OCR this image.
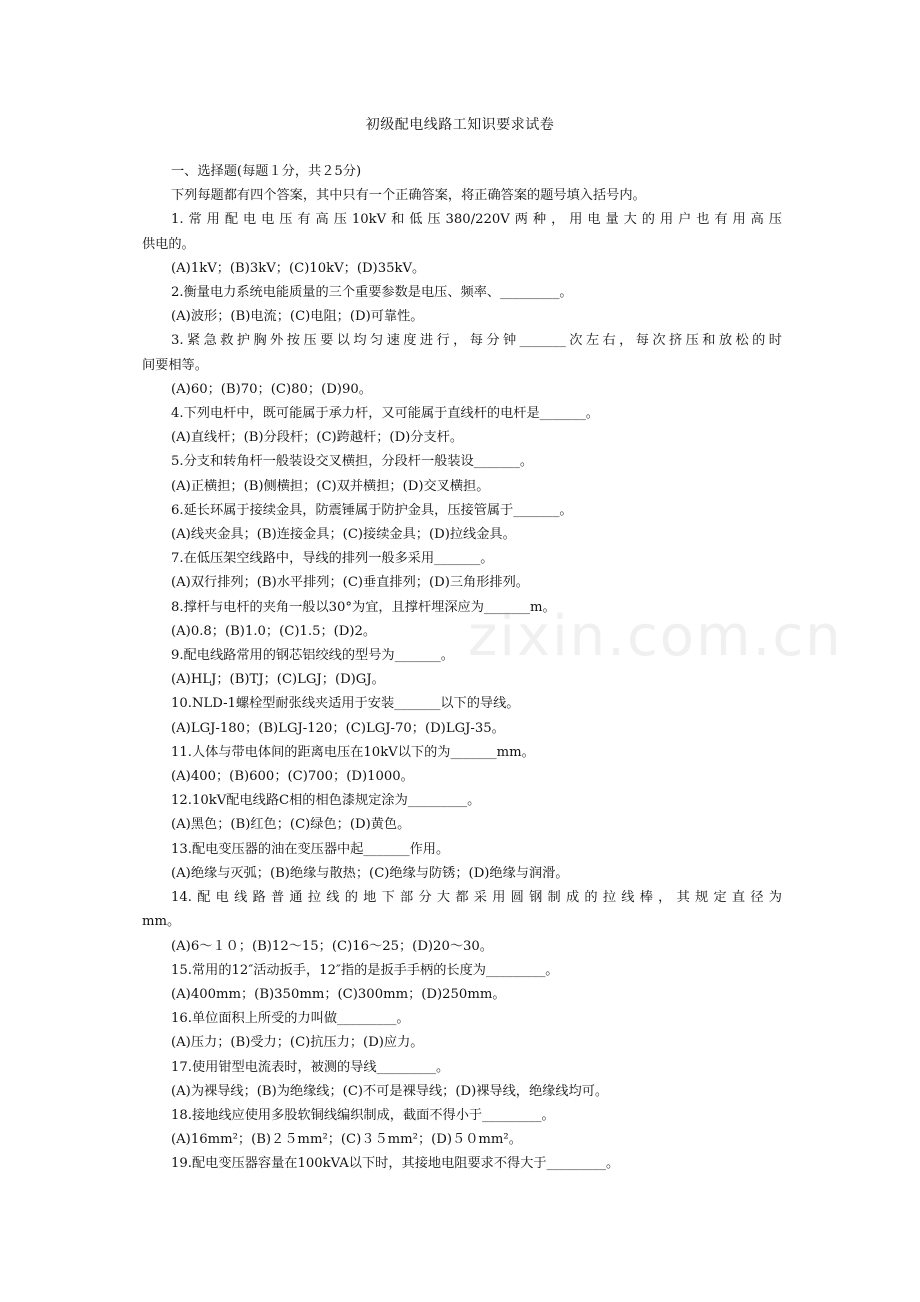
初级配电线路工知识要求试卷

一、选择题(每题１分，共２5分)

下列每题都有四个答案，其中只有一个正确答案，将正确答案的题号填入括号内。

1.常用配电电压有高压10kV和低压380/220V两种，用电量大的用户也有用高压

供电的。

(A)1kV；(B)3kV；(C)10kV；(D)35kV。

2.衡量电力系统电能质量的三个重要参数是电压、频率、_________。

(A)波形；(B)电流；(C)电阻；(D)可靠性。

3.紧急救护胸外按压要以均匀速度进行，每分钟_______次左右，每次挤压和放松的时

间要相等。

(A)60；(B)70；(C)80；(D)90。

4.下列电杆中，既可能属于承力杆，又可能属于直线杆的电杆是_______。

(A)直线杆；(B)分段杆；(C)跨越杆；(D)分支杆。

5.分支和转角杆一般装设交叉横担，分段杆一般装设_______。

(A)正横担；(B)侧横担；(C)双并横担；(D)交叉横担。

6.延长环属于接续金具，防震锤属于防护金具，压接管属于_______。

(A)线夹金具；(B)连接金具；(C)接续金具；(D)拉线金具。

7.在低压架空线路中，导线的排列一般多采用_______。

(A)双行排列；(B)水平排列；(C)垂直排列；(D)三角形排列。

8.撑杆与电杆的夹角一般以30°为宜，且撑杆埋深应为_______m。

(A)0.8；(B)1.0；(C)1.5；(D)2。

9.配电线路常用的钢芯铝绞线的型号为_______。

(A)HLJ；(B)TJ；(C)LGJ；(D)GJ。

10.NLD-1螺栓型耐张线夹适用于安装_______以下的导线。

(A)LGJ-180；(B)LGJ-120；(C)LGJ-70；(D)LGJ-35。

11.人体与带电体间的距离电压在10kV以下的为_______mm。

(A)400；(B)600；(C)700；(D)1000。

12.10kV配电线路C相的相色漆规定涂为_________。

(A)黑色；(B)红色；(C)绿色；(D)黄色。

13.配电变压器的油在变压器中起_______作用。

(A)绝缘与灭弧；(B)绝缘与散热；(C)绝缘与防锈；(D)绝缘与润滑。

14.配电线路普通拉线的地下部分大都采用圆钢制成的拉线棒，其规定直径为

mm。

(A)6～１０；(B)12～15；(C)16～25；(D)20～30。

15.常用的12″活动扳手，12″指的是扳手手柄的长度为_________。

(A)400mm；(B)350mm；(C)300mm；(D)250mm。

16.单位面积上所受的力叫做_________。

(A)压力；(B)受力；(C)抗压力；(D)应力。

17.使用钳型电流表时，被测的导线_________。

(A)为裸导线；(B)为绝缘线；(C)不可是裸导线；(D)裸导线，绝缘线均可。

18.接地线应使用多股软铜线编织制成，截面不得小于_________。

(A)16mm²；(B)２５mm²；(C)３５mm²；(D)５０mm²。

19.配电变压器容量在100kVA以下时，其接地电阻要求不得大于_________。

zixin.com.cn
